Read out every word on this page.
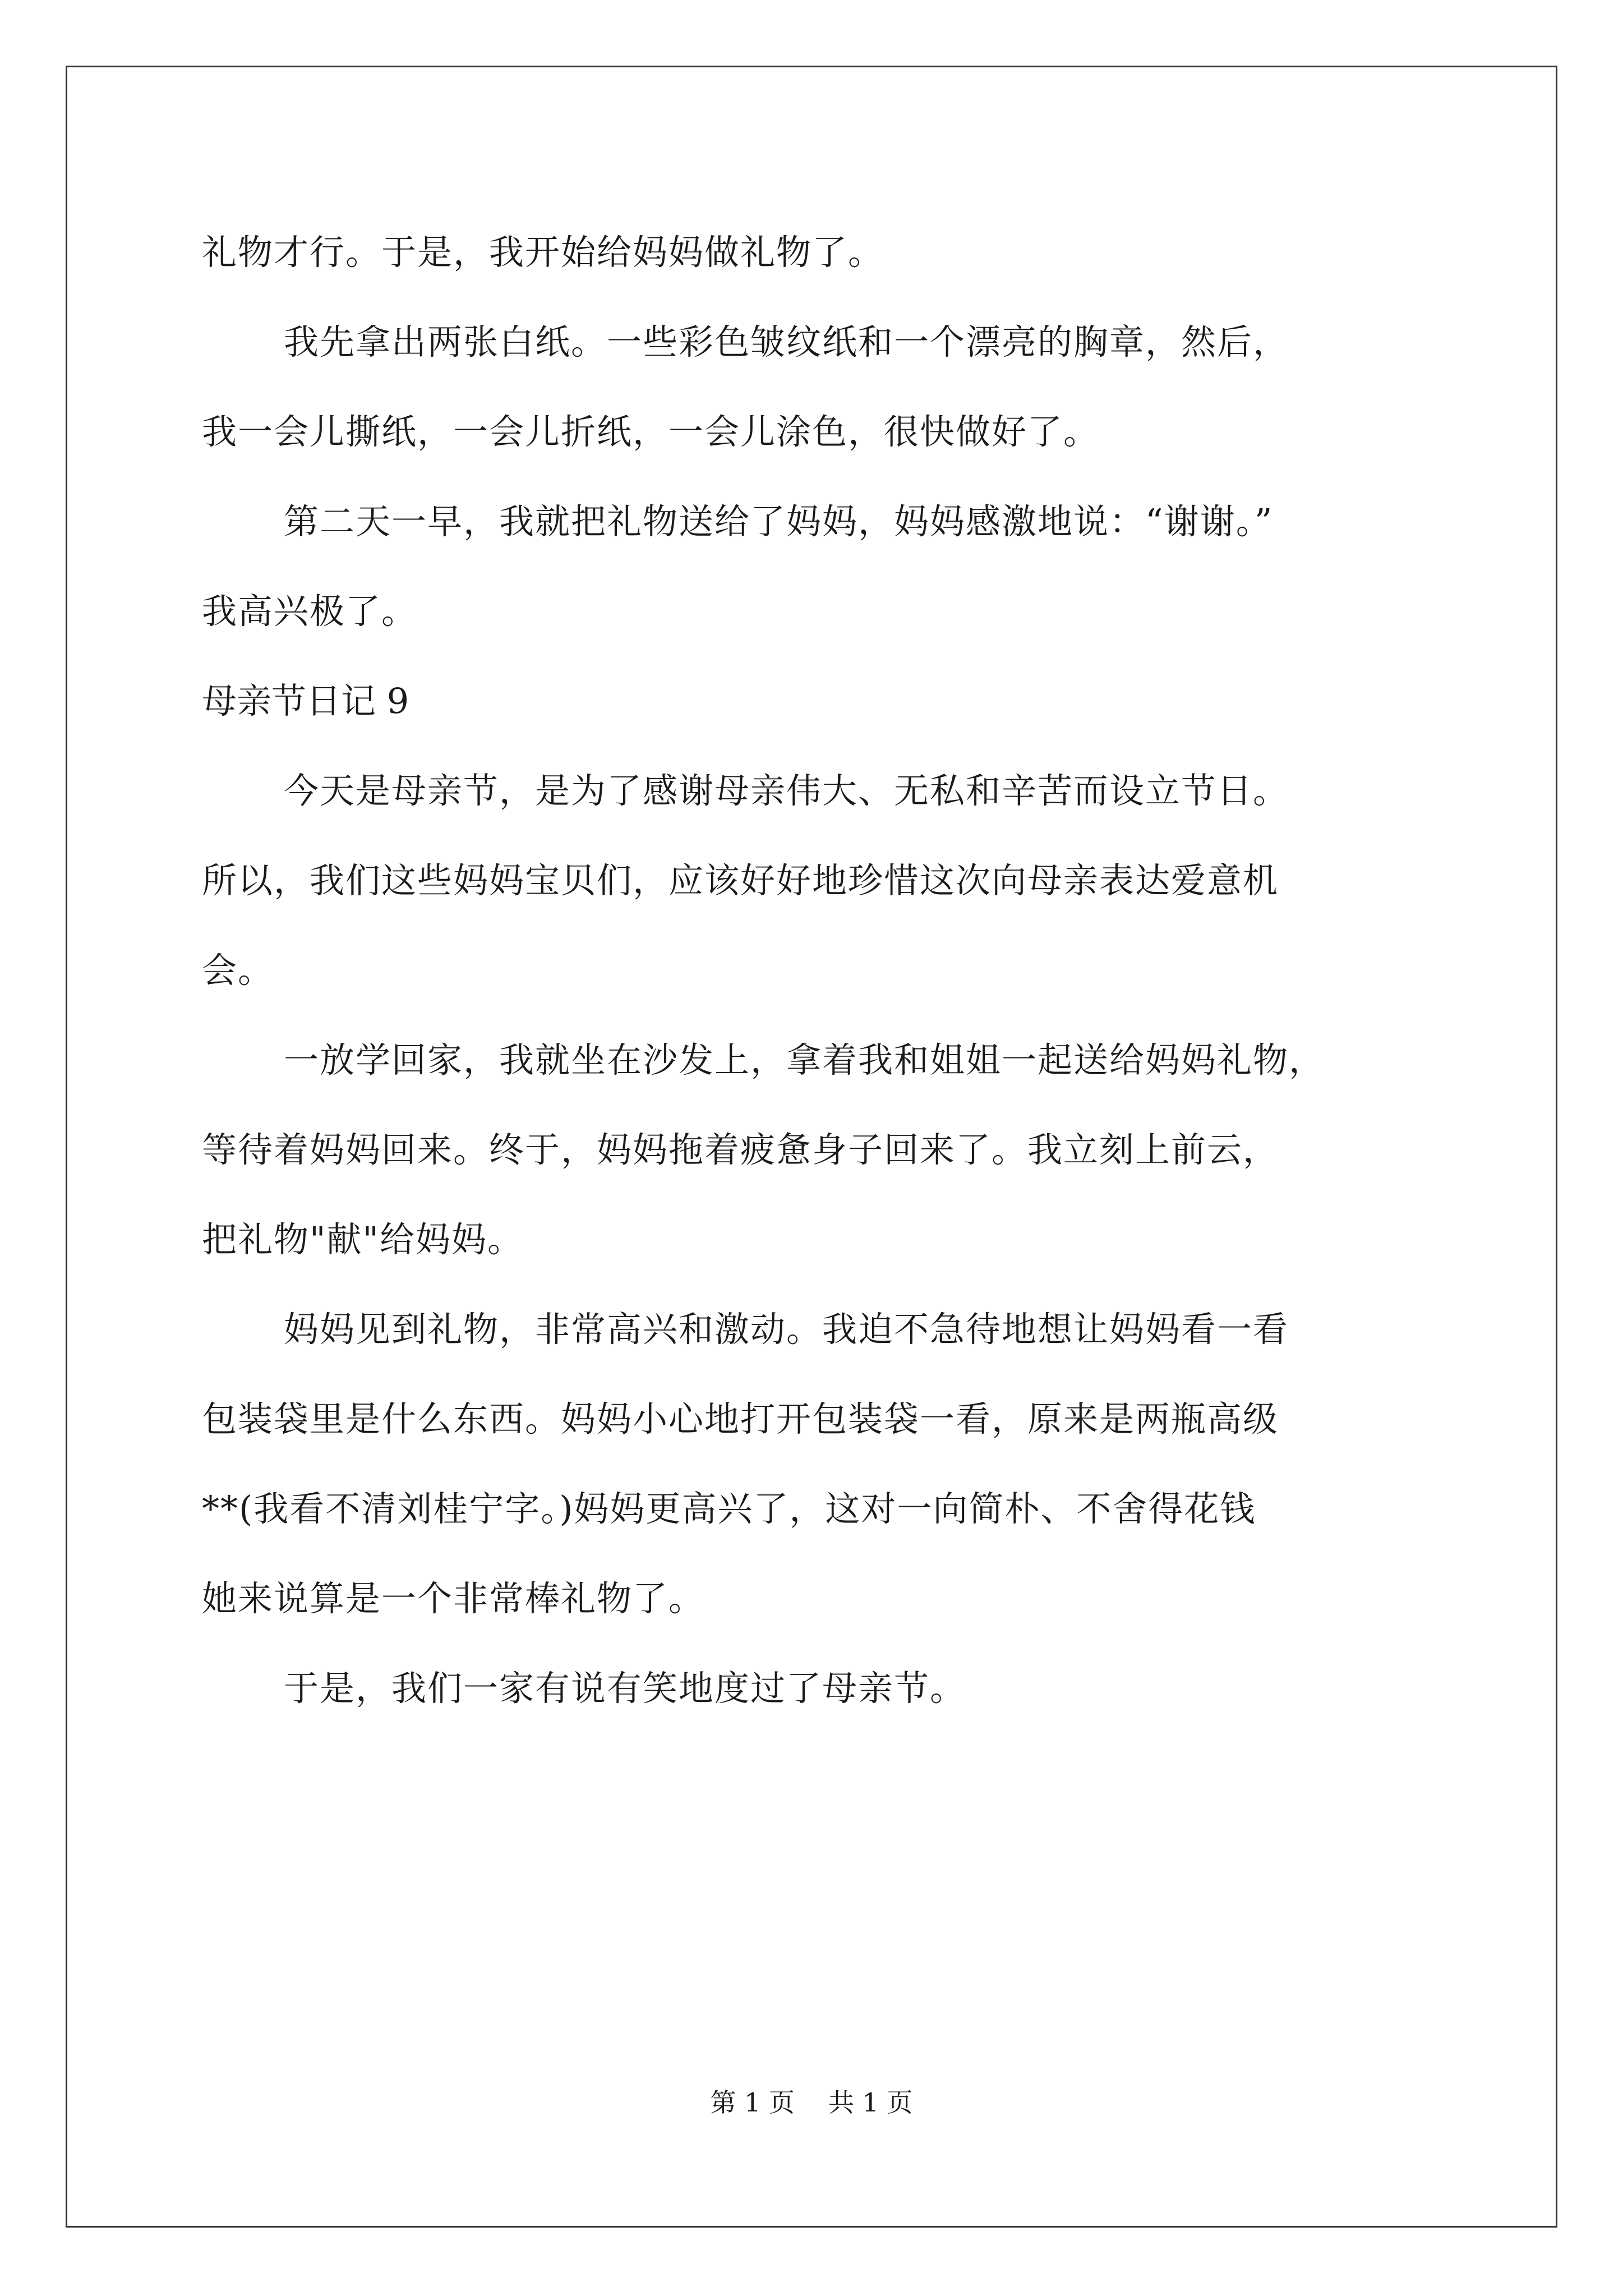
礼物才行。于是，我开始给妈妈做礼物了。
我先拿出两张白纸。一些彩色皱纹纸和一个漂亮的胸章，然后，
我一会儿撕纸，一会儿折纸，一会儿涂色，很快做好了。
第二天一早，我就把礼物送给了妈妈，妈妈感激地说：“谢谢。”
我高兴极了。
母亲节日记 9
今天是母亲节，是为了感谢母亲伟大、无私和辛苦而设立节日。
所以，我们这些妈妈宝贝们，应该好好地珍惜这次向母亲表达爱意机
会。
一放学回家，我就坐在沙发上，拿着我和姐姐一起送给妈妈礼物，
等待着妈妈回来。终于，妈妈拖着疲惫身子回来了。我立刻上前云，
把礼物"献"给妈妈。
妈妈见到礼物，非常高兴和激动。我迫不急待地想让妈妈看一看
包装袋里是什么东西。妈妈小心地打开包装袋一看，原来是两瓶高级
**(我看不清刘桂宁字。)妈妈更高兴了，这对一向简朴、不舍得花钱
她来说算是一个非常棒礼物了。
于是，我们一家有说有笑地度过了母亲节。
第 1 页 共 1 页
